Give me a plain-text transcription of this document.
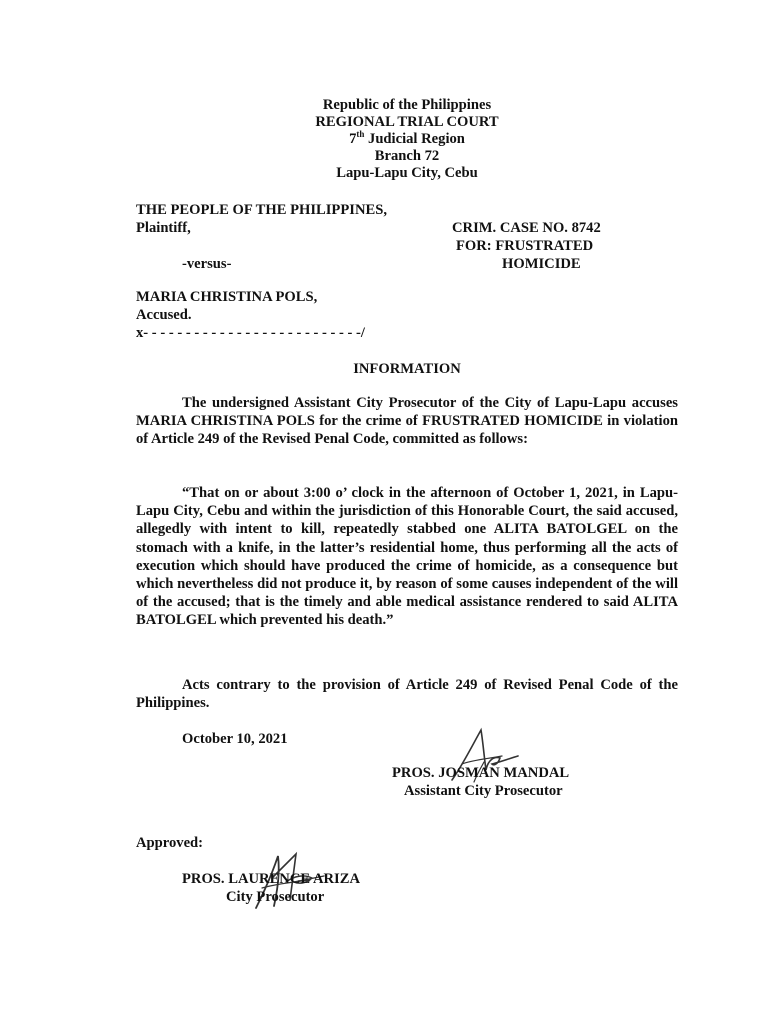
Republic of the Philippines
REGIONAL TRIAL COURT
7th Judicial Region
Branch 72
Lapu-Lapu City, Cebu
THE PEOPLE OF THE PHILIPPINES,
Plaintiff,
-versus-
MARIA CHRISTINA POLS,
Accused.
x- - - - - - - - - - - - - - - - - - - - - - - - - -/
CRIM. CASE NO. 8742
FOR: FRUSTRATED
HOMICIDE
INFORMATION
The undersigned Assistant City Prosecutor of the City of Lapu-Lapu accuses MARIA CHRISTINA POLS for the crime of FRUSTRATED HOMICIDE in violation of Article 249 of the Revised Penal Code, committed as follows:
“That on or about 3:00 o’ clock in the afternoon of October 1, 2021, in Lapu-Lapu City, Cebu and within the jurisdiction of this Honorable Court, the said accused, allegedly with intent to kill, repeatedly stabbed one ALITA BATOLGEL on the stomach with a knife, in the latter’s residential home, thus performing all the acts of execution which should have produced the crime of homicide, as a consequence but which nevertheless did not produce it, by reason of some causes independent of the will of the accused; that is the timely and able medical assistance rendered to said ALITA BATOLGEL which prevented his death.”
Acts contrary to the provision of Article 249 of Revised Penal Code of the Philippines.
October 10, 2021
PROS. JOSMAN MANDAL
Assistant City Prosecutor
Approved:
PROS. LAURENCE ARIZA
City Prosecutor
